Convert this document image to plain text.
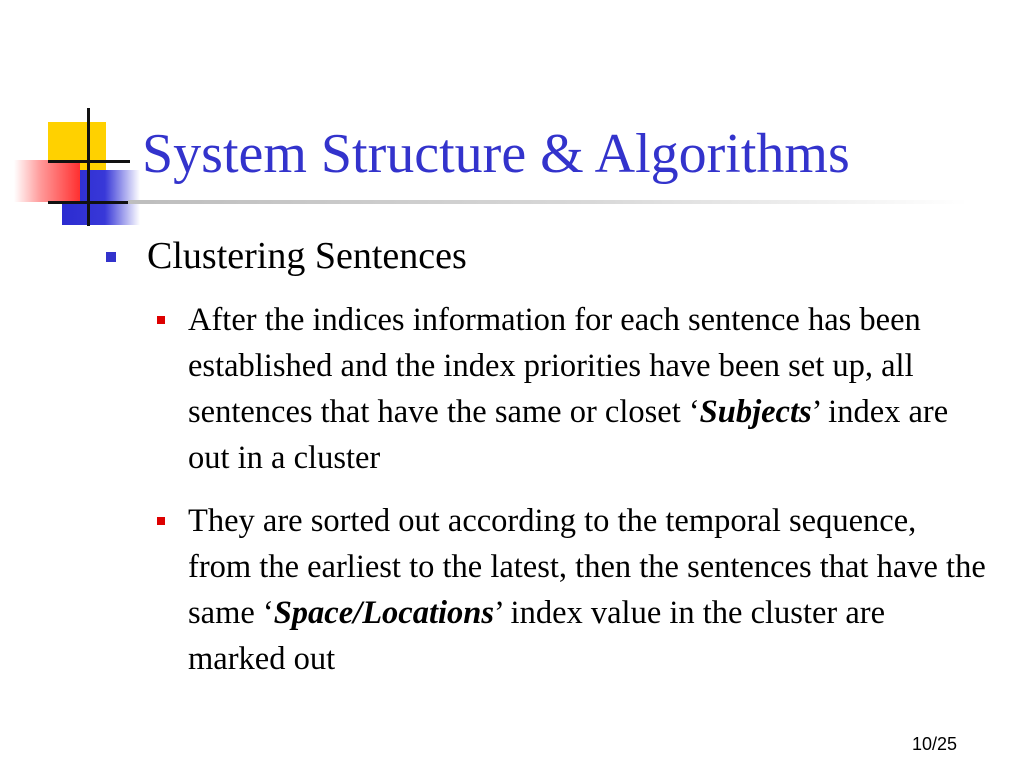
System Structure & Algorithms
Clustering Sentences
After the indices information for each sentence has been established and the index priorities have been set up, all sentences that have the same or closet ‘Subjects’ index are out in a cluster
They are sorted out according to the temporal sequence, from the earliest to the latest, then the sentences that have the same ‘Space/Locations’ index value in the cluster are marked out
10/25
